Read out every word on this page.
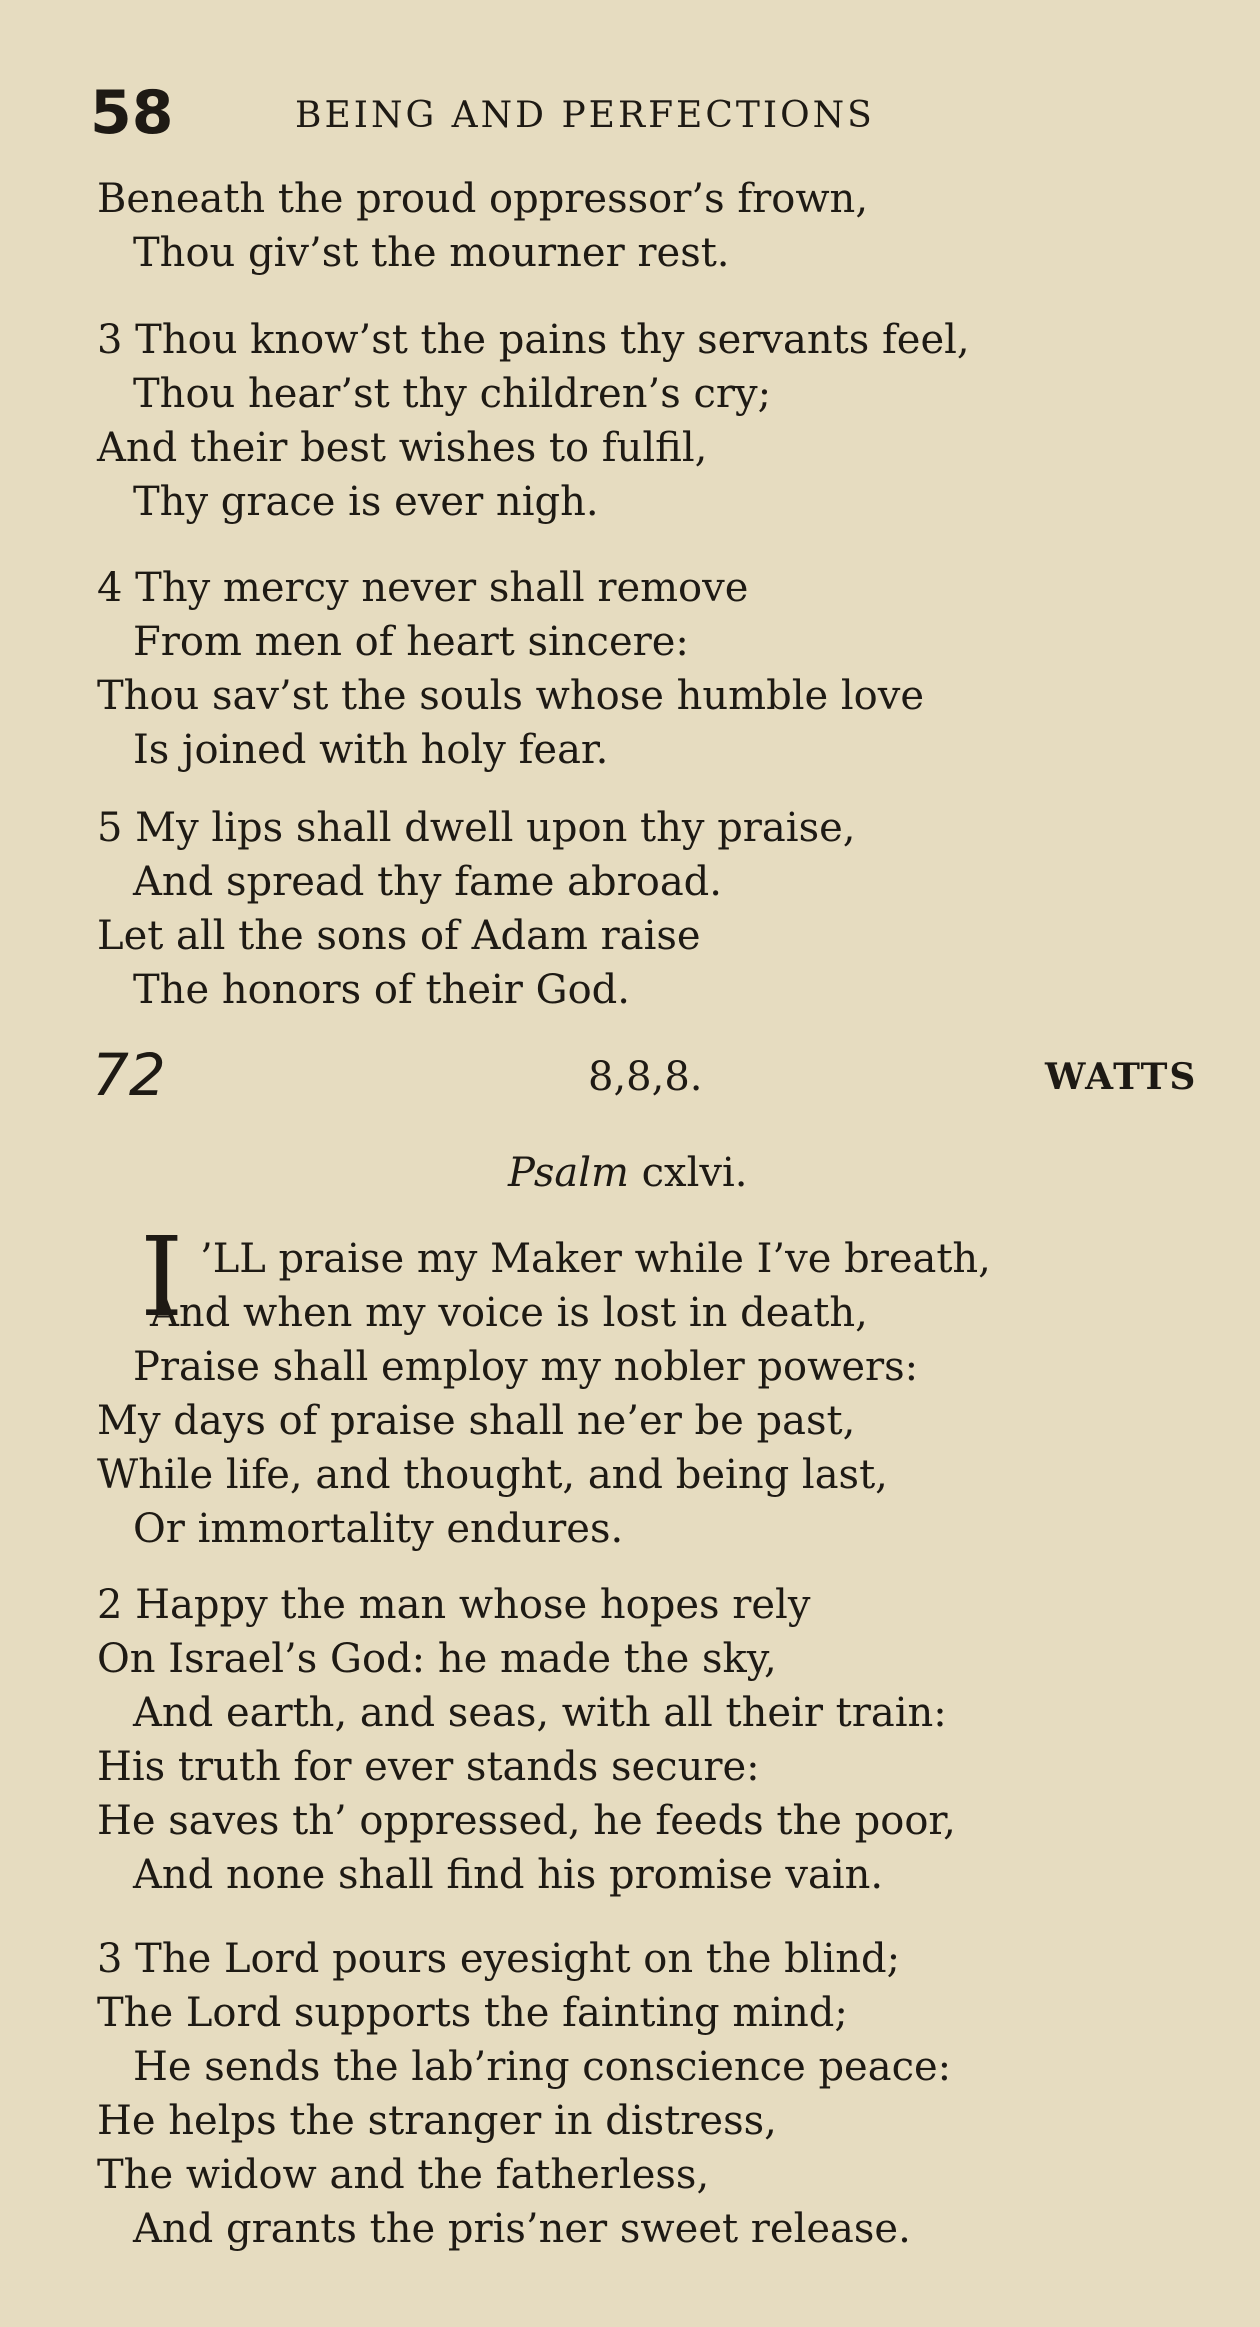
58	BEING AND PERFECTIONS
Beneath the proud oppressor’s frown,
Thou giv’st the mourner rest.
3 Thou know’st the pains thy servants feel,
Thou hear’st thy children’s cry;
And their best wishes to fulfil,
Thy grace is ever nigh.
4 Thy mercy never shall remove
From men of heart sincere:
Thou sav’st the souls whose humble love
Is joined with holy fear.
5 My lips shall dwell upon thy praise,
And spread thy fame abroad.
Let all the sons of Adam raise
The honors of their God.
72	8,8,8.	WATTS
Psalm cxlvi.
I ’LL praise my Maker while I’ve breath,
And when my voice is lost in death,
Praise shall employ my nobler powers:
My days of praise shall ne’er be past,
While life, and thought, and being last,
Or immortality endures.
2 Happy the man whose hopes rely
On Israel’s God: he made the sky,
And earth, and seas, with all their train:
His truth for ever stands secure:
He saves th’ oppressed, he feeds the poor,
And none shall find his promise vain.
3 The Lord pours eyesight on the blind;
The Lord supports the fainting mind;
He sends the lab’ring conscience peace:
He helps the stranger in distress,
The widow and the fatherless,
And grants the pris’ner sweet release.
